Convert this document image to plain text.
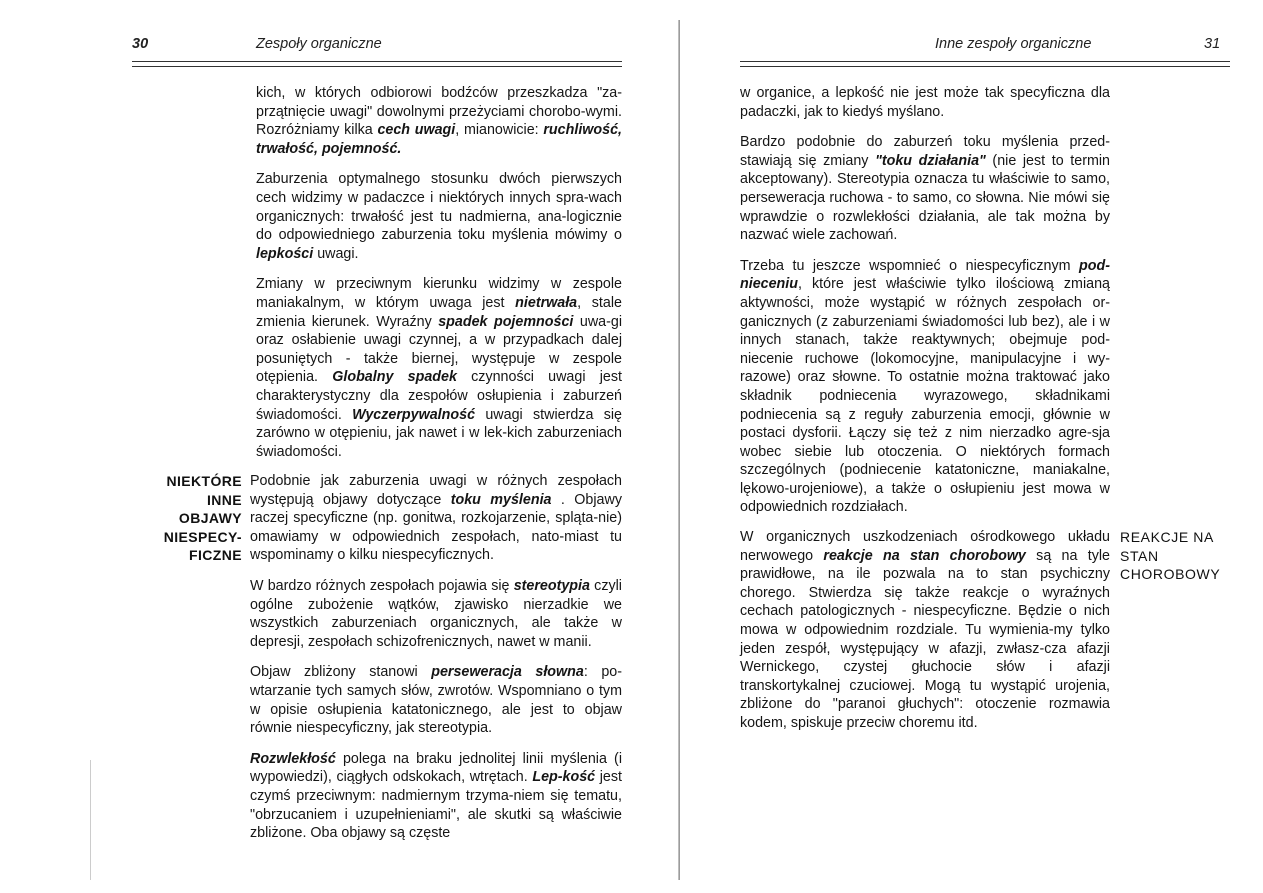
30	Zespoły organiczne

kich, w których odbiorowi bodźców przeszkadza "za-przątnięcie uwagi" dowolnymi przeżyciami chorobo-wymi. Rozróżniamy kilka cech uwagi, mianowicie: ruchliwość, trwałość, pojemność.

Zaburzenia optymalnego stosunku dwóch pierwszych cech widzimy w padaczce i niektórych innych spra-wach organicznych: trwałość jest tu nadmierna, ana-logicznie do odpowiedniego zaburzenia toku myślenia mówimy o lepkości uwagi.

Zmiany w przeciwnym kierunku widzimy w zespole maniakalnym, w którym uwaga jest nietrwała, stale zmienia kierunek. Wyraźny spadek pojemności uwa-gi oraz osłabienie uwagi czynnej, a w przypadkach dalej posuniętych - także biernej, występuje w zespole otępienia. Globalny spadek czynności uwagi jest charakterystyczny dla zespołów osłupienia i zaburzeń świadomości. Wyczerpywalność uwagi stwierdza się zarówno w otępieniu, jak nawet i w lek-kich zaburzeniach świadomości.

NIEKTÓRE
INNE
OBJAWY
NIESPECY-
FICZNE

Podobnie jak zaburzenia uwagi w różnych zespołach występują objawy dotyczące toku myślenia . Objawy raczej specyficzne (np. gonitwa, rozkojarzenie, spląta-nie) omawiamy w odpowiednich zespołach, nato-miast tu wspominamy o kilku niespecyficznych.

W bardzo różnych zespołach pojawia się stereotypia czyli ogólne zubożenie wątków, zjawisko nierzadkie we wszystkich zaburzeniach organicznych, ale także w depresji, zespołach schizofrenicznych, nawet w manii.

Objaw zbliżony stanowi perseweracja słowna: po-wtarzanie tych samych słów, zwrotów. Wspomniano o tym w opisie osłupienia katatonicznego, ale jest to objaw równie niespecyficzny, jak stereotypia.

Rozwlekłość polega na braku jednolitej linii myślenia (i wypowiedzi), ciągłych odskokach, wtrętach. Lep-kość jest czymś przeciwnym: nadmiernym trzyma-niem się tematu, "obrzucaniem i uzupełnieniami", ale skutki są właściwie zbliżone. Oba objawy są częste

Inne zespoły organiczne	31

w organice, a lepkość nie jest może tak specyficzna dla padaczki, jak to kiedyś myślano.

Bardzo podobnie do zaburzeń toku myślenia przed-stawiają się zmiany "toku działania" (nie jest to termin akceptowany). Stereotypia oznacza tu właściwie to samo, perseweracja ruchowa - to samo, co słowna. Nie mówi się wprawdzie o rozwlekłości działania, ale tak można by nazwać wiele zachowań.

Trzeba tu jeszcze wspomnieć o niespecyficznym pod-nieceniu, które jest właściwie tylko ilościową zmianą aktywności, może wystąpić w różnych zespołach or-ganicznych (z zaburzeniami świadomości lub bez), ale i w innych stanach, także reaktywnych; obejmuje pod-niecenie ruchowe (lokomocyjne, manipulacyjne i wy-razowe) oraz słowne. To ostatnie można traktować jako składnik podniecenia wyrazowego, składnikami podniecenia są z reguły zaburzenia emocji, głównie w postaci dysforii. Łączy się też z nim nierzadko agre-sja wobec siebie lub otoczenia. O niektórych formach szczególnych (podniecenie katatoniczne, maniakalne, lękowo-urojeniowe), a także o osłupieniu jest mowa w odpowiednich rozdziałach.

W organicznych uszkodzeniach ośrodkowego układu nerwowego reakcje na stan chorobowy są na tyle prawidłowe, na ile pozwala na to stan psychiczny chorego. Stwierdza się także reakcje o wyraźnych cechach patologicznych - niespecyficzne. Będzie o nich mowa w odpowiednim rozdziale. Tu wymienia-my tylko jeden zespół, występujący w afazji, zwłasz-cza afazji Wernickego, czystej głuchocie słów i afazji transkortykalnej czuciowej. Mogą tu wystąpić urojenia, zbliżone do "paranoi głuchych": otoczenie rozmawia kodem, spiskuje przeciw choremu itd.

REAKCJE NA
STAN
CHOROBOWY
